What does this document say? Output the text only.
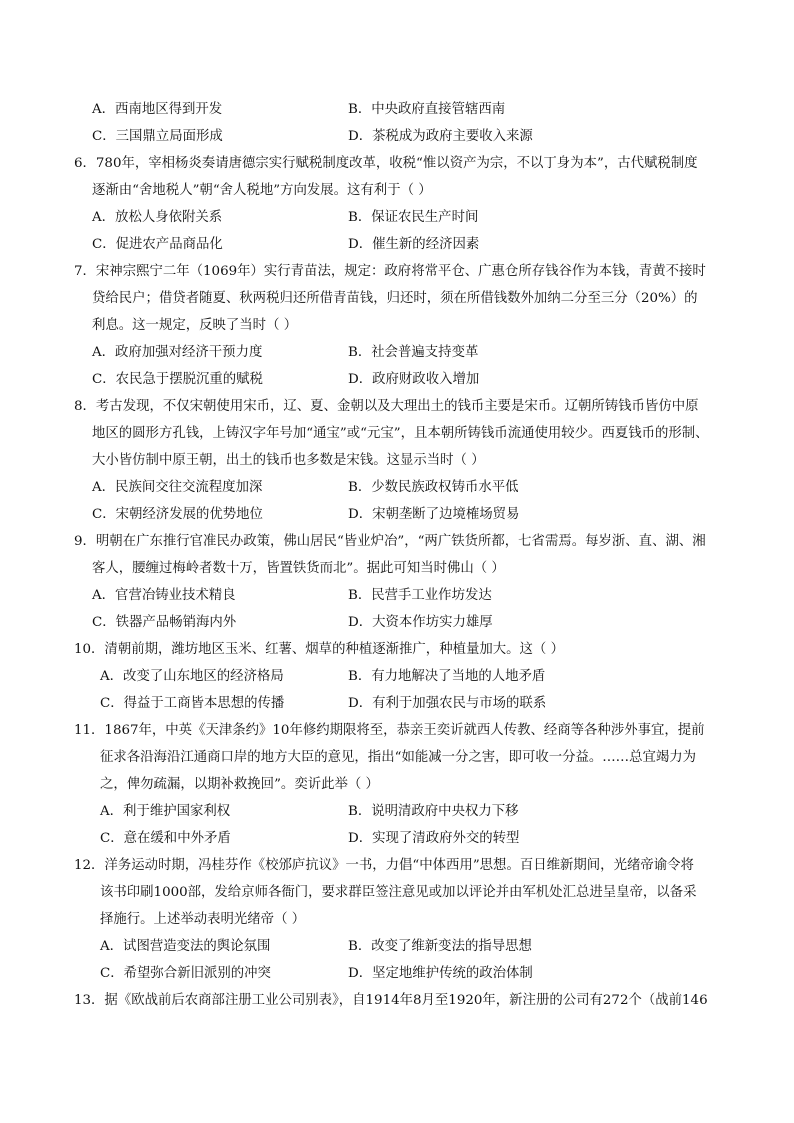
A．西南地区得到开发	B．中央政府直接管辖西南
C．三国鼎立局面形成	D．茶税成为政府主要收入来源
6．780年，宰相杨炎奏请唐德宗实行赋税制度改革，收税“惟以资产为宗，不以丁身为本”，古代赋税制度
逐渐由“舍地税人”朝“舍人税地”方向发展。这有利于（ ）
A．放松人身依附关系	B．保证农民生产时间
C．促进农产品商品化	D．催生新的经济因素
7．宋神宗熙宁二年（1069年）实行青苗法，规定：政府将常平仓、广惠仓所存钱谷作为本钱，青黄不接时
贷给民户；借贷者随夏、秋两税归还所借青苗钱，归还时，须在所借钱数外加纳二分至三分（20%）的
利息。这一规定，反映了当时（ ）
A．政府加强对经济干预力度	B．社会普遍支持变革
C．农民急于摆脱沉重的赋税	D．政府财政收入增加
8．考古发现，不仅宋朝使用宋币，辽、夏、金朝以及大理出土的钱币主要是宋币。辽朝所铸钱币皆仿中原
地区的圆形方孔钱，上铸汉字年号加“通宝”或“元宝”，且本朝所铸钱币流通使用较少。西夏钱币的形制、
大小皆仿制中原王朝，出土的钱币也多数是宋钱。这显示当时（ ）
A．民族间交往交流程度加深	B．少数民族政权铸币水平低
C．宋朝经济发展的优势地位	D．宋朝垄断了边境榷场贸易
9．明朝在广东推行官准民办政策，佛山居民“皆业炉冶”，“两广铁货所都，七省需焉。每岁浙、直、湖、湘
客人，腰缠过梅岭者数十万，皆置铁货而北”。据此可知当时佛山（ ）
A．官营冶铸业技术精良	B．民营手工业作坊发达
C．铁器产品畅销海内外	D．大资本作坊实力雄厚
10．清朝前期，潍坊地区玉米、红薯、烟草的种植逐渐推广，种植量加大。这（ ）
A．改变了山东地区的经济格局	B．有力地解决了当地的人地矛盾
C．得益于工商皆本思想的传播	D．有利于加强农民与市场的联系
11．1867年，中英《天津条约》10年修约期限将至，恭亲王奕䜣就西人传教、经商等各种涉外事宜，提前
征求各沿海沿江通商口岸的地方大臣的意见，指出“如能减一分之害，即可收一分益。……总宜竭力为
之，俾勿疏漏，以期补救挽回”。奕䜣此举（ ）
A．利于维护国家利权	B．说明清政府中央权力下移
C．意在缓和中外矛盾	D．实现了清政府外交的转型
12．洋务运动时期，冯桂芬作《校邠庐抗议》一书，力倡“中体西用”思想。百日维新期间，光绪帝谕令将
该书印刷1000部，发给京师各衙门，要求群臣签注意见或加以评论并由军机处汇总进呈皇帝，以备采
择施行。上述举动表明光绪帝（ ）
A．试图营造变法的舆论氛围	B．改变了维新变法的指导思想
C．希望弥合新旧派别的冲突	D．坚定地维护传统的政治体制
13．据《欧战前后农商部注册工业公司别表》，自1914年8月至1920年，新注册的公司有272个（战前146
